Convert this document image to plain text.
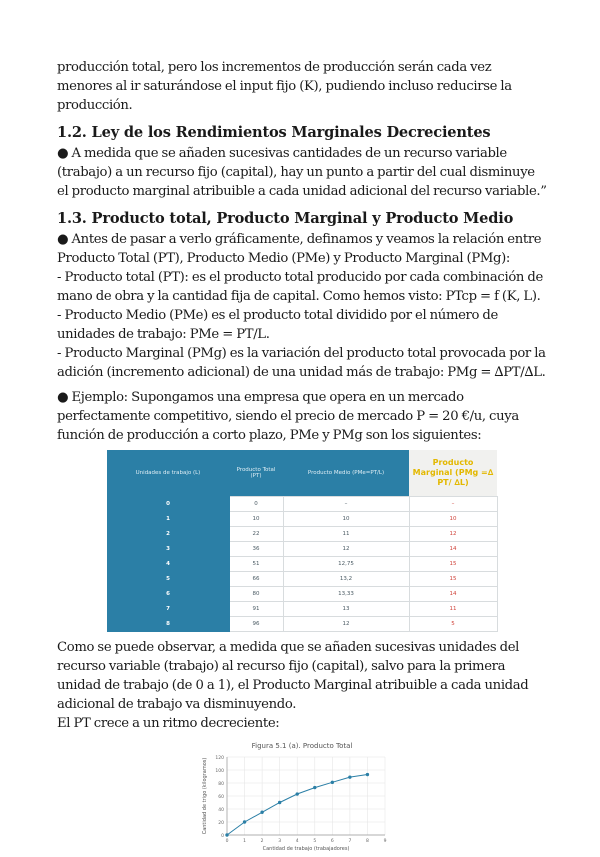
producción total, pero los incrementos de producción serán cada vez menores al ir saturándose el input fijo (K), pudiendo incluso reducirse la producción.

1.2. Ley de los Rendimientos Marginales Decrecientes

● A medida que se añaden sucesivas cantidades de un recurso variable (trabajo) a un recurso fijo (capital), hay un punto a partir del cual disminuye el producto marginal atribuible a cada unidad adicional del recurso variable.”

1.3. Producto total, Producto Marginal y Producto Medio

● Antes de pasar a verlo gráficamente, definamos y veamos la relación entre Producto Total (PT), Producto Medio (PMe) y Producto Marginal (PMg):

- Producto total (PT): es el producto total producido por cada combinación de mano de obra y la cantidad fija de capital. Como hemos visto: PTcp = f (K, L).

- Producto Medio (PMe) es el producto total dividido por el número de unidades de trabajo: PMe = PT/L.

- Producto Marginal (PMg) es la variación del producto total provocada por la adición (incremento adicional) de una unidad más de trabajo: PMg = ∆PT/∆L.

● Ejemplo: Supongamos una empresa que opera en un mercado perfectamente competitivo, siendo el precio de mercado P = 20 €/u, cuya función de producción a corto plazo, PMe y PMg son los siguientes:

Unidades de trabajo (L)	Producto Total (PT)	Producto Medio (PMe=PT/L)	Producto Marginal (PMg =∆ PT/ ∆L)
0	0	–	–
1	10	10	10
2	22	11	12
3	36	12	14
4	51	12,75	15
5	66	13,2	15
6	80	13,33	14
7	91	13	11
8	96	12	5

Como se puede observar, a medida que se añaden sucesivas unidades del recurso variable (trabajo) al recurso fijo (capital), salvo para la primera unidad de trabajo (de 0 a 1), el Producto Marginal atribuible a cada unidad adicional de trabajo va disminuyendo.

El PT crece a un ritmo decreciente:

Figura 5.1 (a). Producto Total
0
20
40
60
80
100
120
0	1	2	3	4	5	6	7	8	9
Cantidad de trabajo (trabajadores)
Cantidad de trigo (kilogramos)
